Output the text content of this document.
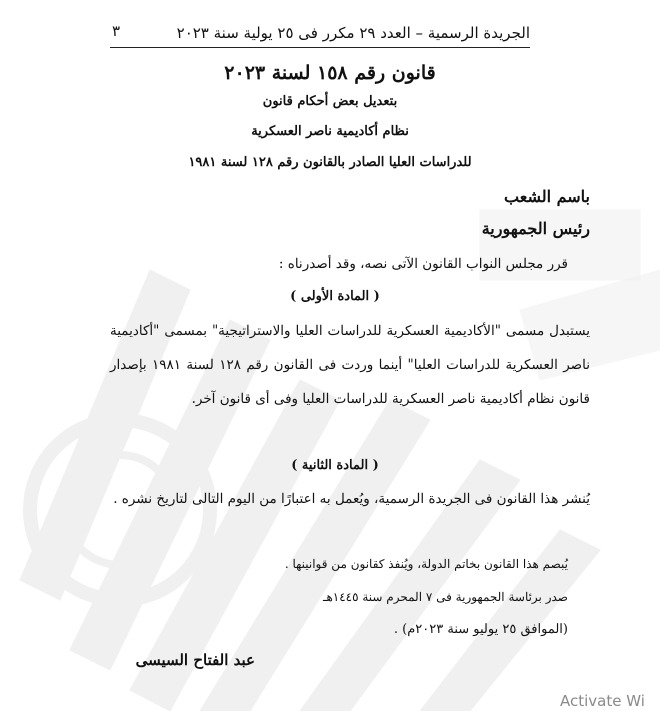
٣	الجريدة الرسمية – العدد ٢٩ مكرر فى ٢٥ يولية سنة ٢٠٢٣
قانون رقم ١٥٨ لسنة ٢٠٢٣
بتعديل بعض أحكام قانون
نظام أكاديمية ناصر العسكرية
للدراسات العليا الصادر بالقانون رقم ١٢٨ لسنة ١٩٨١
باسم الشعب
رئيس الجمهورية
قرر مجلس النواب القانون الآتى نصه، وقد أصدرناه :
( المادة الأولى )
يستبدل مسمى "الأكاديمية العسكرية للدراسات العليا والاستراتيجية" بمسمى "أكاديمية ناصر العسكرية للدراسات العليا" أينما وردت فى القانون رقم ١٢٨ لسنة ١٩٨١ بإصدار قانون نظام أكاديمية ناصر العسكرية للدراسات العليا وفى أى قانون آخر.
( المادة الثانية )
يُنشر هذا القانون فى الجريدة الرسمية، ويُعمل به اعتبارًا من اليوم التالى لتاريخ نشره .
يُبصم هذا القانون بخاتم الدولة، ويُنفذ كقانون من قوانينها .
صدر برئاسة الجمهورية فى ٧ المحرم سنة ١٤٤٥هـ
(الموافق ٢٥ يوليو سنة ٢٠٢٣م) .
عبد الفتاح السيسى
Activate Wi
